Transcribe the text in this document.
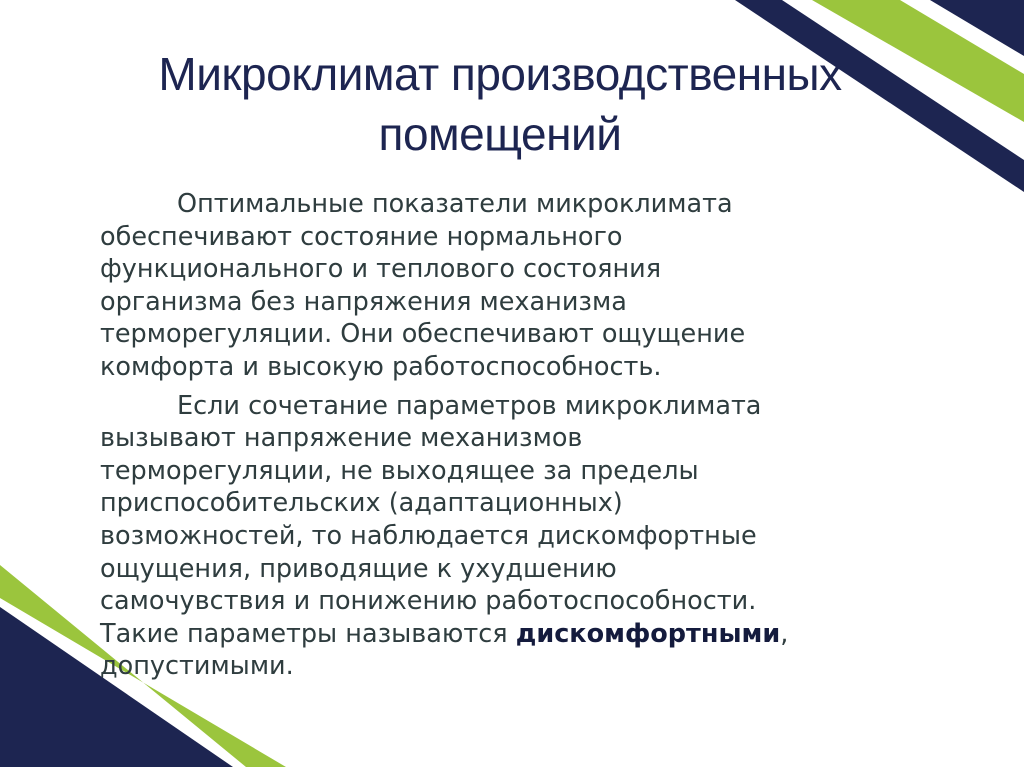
Микроклимат производственных
помещений

Оптимальные показатели микроклимата
обеспечивают состояние нормального
функционального и теплового состояния
организма без напряжения механизма
терморегуляции. Они обеспечивают ощущение
комфорта и высокую работоспособность.

Если сочетание параметров микроклимата
вызывают напряжение механизмов
терморегуляции, не выходящее за пределы
приспособительских (адаптационных)
возможностей, то наблюдается дискомфортные
ощущения, приводящие к ухудшению
самочувствия и понижению работоспособности.
Такие параметры называются дискомфортными,
допустимыми.
